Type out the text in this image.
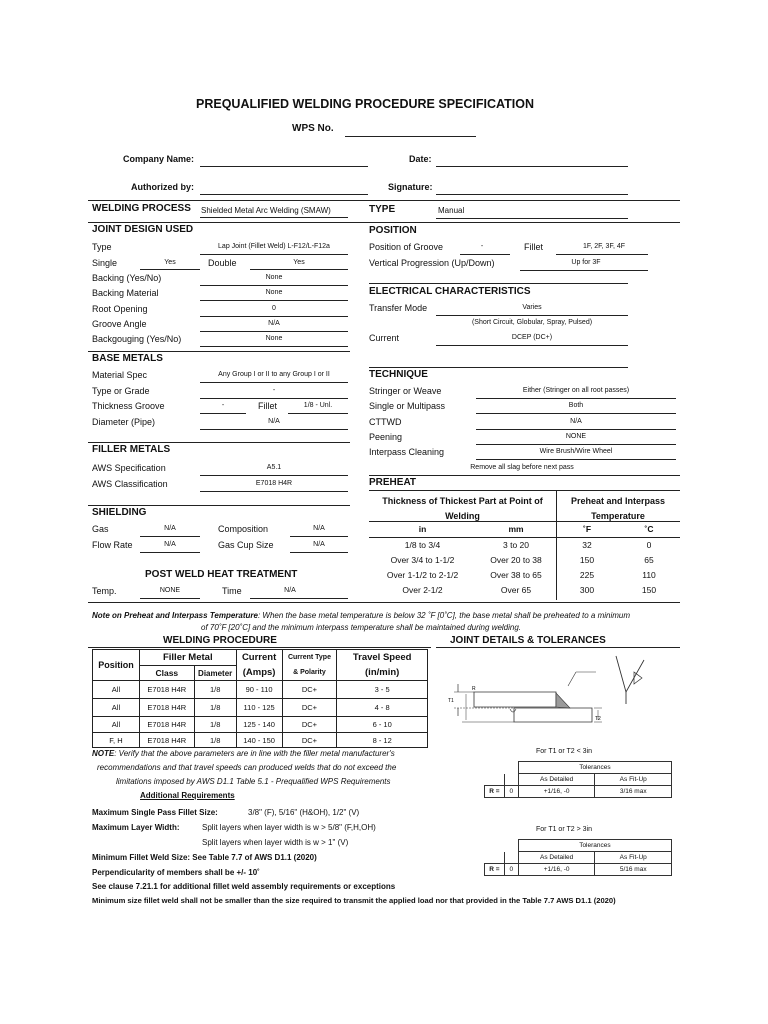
PREQUALIFIED WELDING PROCEDURE SPECIFICATION
WPS No.
Company Name:	Date:
Authorized by:	Signature:
WELDING PROCESS Shielded Metal Arc Welding (SMAW)	TYPE	Manual
JOINT DESIGN USED
Type	Lap Joint (Fillet Weld) L-F12/L-F12a
Single	Yes	Double	Yes
Backing (Yes/No)	None
Backing Material	None
Root Opening	0
Groove Angle	N/A
Backgouging (Yes/No)	None
POSITION
Position of Groove	-	Fillet	1F, 2F, 3F, 4F
Vertical Progression (Up/Down)	Up for 3F
ELECTRICAL CHARACTERISTICS
Transfer Mode	Varies
(Short Circuit, Globular, Spray, Pulsed)
Current	DCEP (DC+)
BASE METALS
Material Spec	Any Group I or II to any Group I or II
Type or Grade	-
Thickness Groove	-	Fillet	1/8 - Unl.
Diameter (Pipe)	N/A
TECHNIQUE
Stringer or Weave	Either (Stringer on all root passes)
Single or Multipass	Both
CTTWD	N/A
Peening	NONE
Interpass Cleaning	Wire Brush/Wire Wheel
Remove all slag before next pass
FILLER METALS
AWS Specification	A5.1
AWS Classification	E7018 H4R	PREHEAT
Thickness of Thickest Part at Point of Welding
Preheat and Interpass Temperature
in	mm	˚F	˚C
1/8 to 3/4	3 to 20	32	0
Over 3/4 to 1-1/2	Over 20 to 38	150	65
Over 1-1/2 to 2-1/2	Over 38 to 65	225	110
Over 2-1/2	Over 65	300	150
SHIELDING
Gas	N/A	Composition	N/A
Flow Rate	N/A	Gas Cup Size	N/A
POST WELD HEAT TREATMENT
Temp.	NONE	Time	N/A
Note on Preheat and Interpass Temperature: When the base metal temperature is below 32 ˚F [0˚C], the base metal shall be preheated to a minimum
of 70˚F [20˚C] and the minimum interpass temperature shall be maintained during welding.
WELDING PROCEDURE
Position	Filler Metal		Current	Current Type	Travel Speed
	Class	Diameter	(Amps)	& Polarity	(in/min)
All	E7018 H4R	1/8	90 - 110	DC+	3 - 5
All	E7018 H4R	1/8	110 - 125	DC+	4 - 8
All	E7018 H4R	1/8	125 - 140	DC+	6 - 10
F, H	E7018 H4R	1/8	140 - 150	DC+	8 - 12
NOTE: Verify that the above parameters are in line with the filler metal manufacturer's
recommendations and that travel speeds can produced welds that do not exceed the
limitations imposed by AWS D1.1 Table 5.1 - Prequalified WPS Requirements
JOINT DETAILS & TOLERANCES
R
T1
T2
For T1 or T2 < 3in
		Tolerances	
		As Detailed	As Fit-Up
R =	0	+1/16, -0	3/16 max
For T1 or T2 > 3in
		Tolerances	
		As Detailed	As Fit-Up
R =	0	+1/16, -0	5/16 max
Additional Requirements
Maximum Single Pass Fillet Size:	3/8" (F), 5/16" (H&OH), 1/2" (V)
Maximum Layer Width:	Split layers when layer width is w > 5/8" (F,H,OH)
Split layers when layer width is w > 1" (V)
Minimum Fillet Weld Size: See Table 7.7 of AWS D1.1 (2020)
Perpendicularity of members shall be +/- 10˚
See clause 7.21.1 for additional fillet weld assembly requirements or exceptions
Minimum size fillet weld shall not be smaller than the size required to transmit the applied load nor that provided in the Table 7.7 AWS D1.1 (2020)
